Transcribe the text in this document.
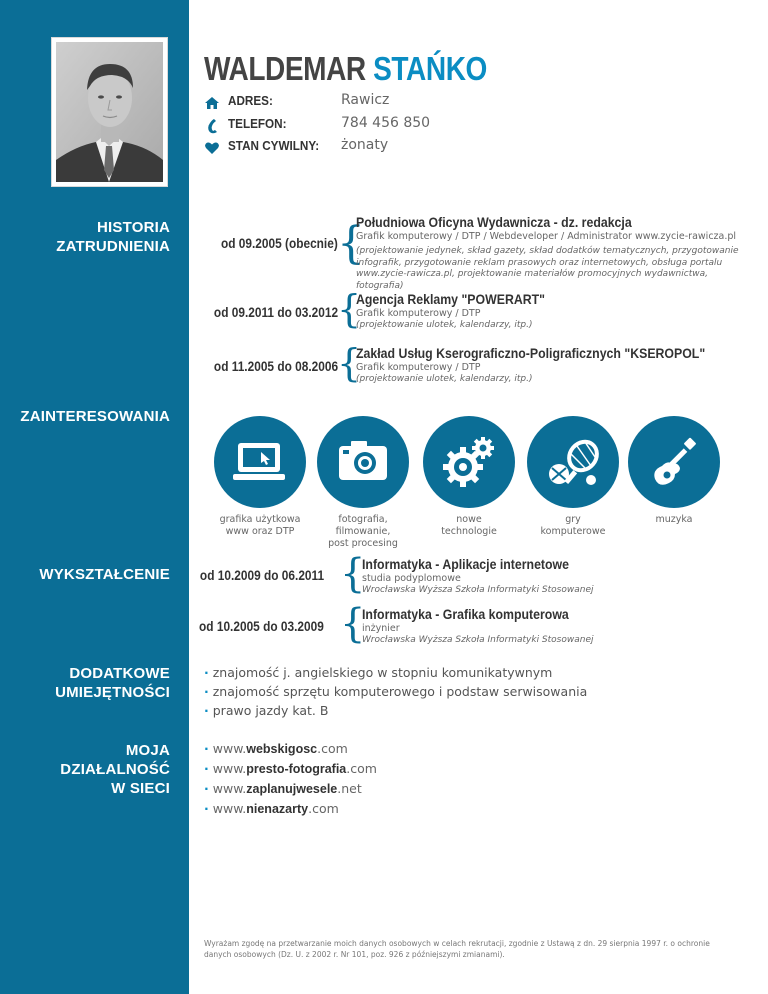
WALDEMAR STAŃKO
ADRES:	Rawicz
TELEFON:	784 456 850
STAN CYWILNY: żonaty
HISTORIA
ZATRUDNIENIA	od 09.2005 (obecnie) {
Południowa Oficyna Wydawnicza - dz. redakcja
Grafik komputerowy / DTP / Webdeveloper / Administrator www.zycie-rawicza.pl
(projektowanie jedynek, skład gazety, skład dodatków tematycznych, przygotowanie infografik, przygotowanie reklam prasowych oraz internetowych, obsługa portalu www.zycie-rawicza.pl, projektowanie materiałów promocyjnych wydawnictwa, fotografia)
od 09.2011 do 03.2012 {
Agencja Reklamy "POWERART"
Grafik komputerowy / DTP
(projektowanie ulotek, kalendarzy, itp.)
od 11.2005 do 08.2006 {
Zakład Usług Kserograficzno-Poligraficznych "KSEROPOL"
Grafik komputerowy / DTP
(projektowanie ulotek, kalendarzy, itp.)
ZAINTERESOWANIA
grafika użytkowa
www oraz DTP
fotografia,
filmowanie,
post procesing
nowe
technologie
gry
komputerowe
muzyka
WYKSZTAŁCENIE od 10.2009 do 06.2011 {
Informatyka - Aplikacje internetowe
studia podyplomowe
Wrocławska Wyższa Szkoła Informatyki Stosowanej
od 10.2005 do 03.2009 {
Informatyka - Grafika komputerowa
inżynier
Wrocławska Wyższa Szkoła Informatyki Stosowanej
DODATKOWE
UMIEJĘTNOŚCI
· znajomość j. angielskiego w stopniu komunikatywnym
· znajomość sprzętu komputerowego i podstaw serwisowania
· prawo jazdy kat. B
MOJA
DZIAŁALNOŚĆ
W SIECI
· www.webskigosc.com
· www.presto-fotografia.com
· www.zaplanujwesele.net
· www.nienazarty.com
Wyrażam zgodę na przetwarzanie moich danych osobowych w celach rekrutacji, zgodnie z Ustawą z dn. 29 sierpnia 1997 r. o ochronie danych osobowych (Dz. U. z 2002 r. Nr 101, poz. 926 z późniejszymi zmianami).
